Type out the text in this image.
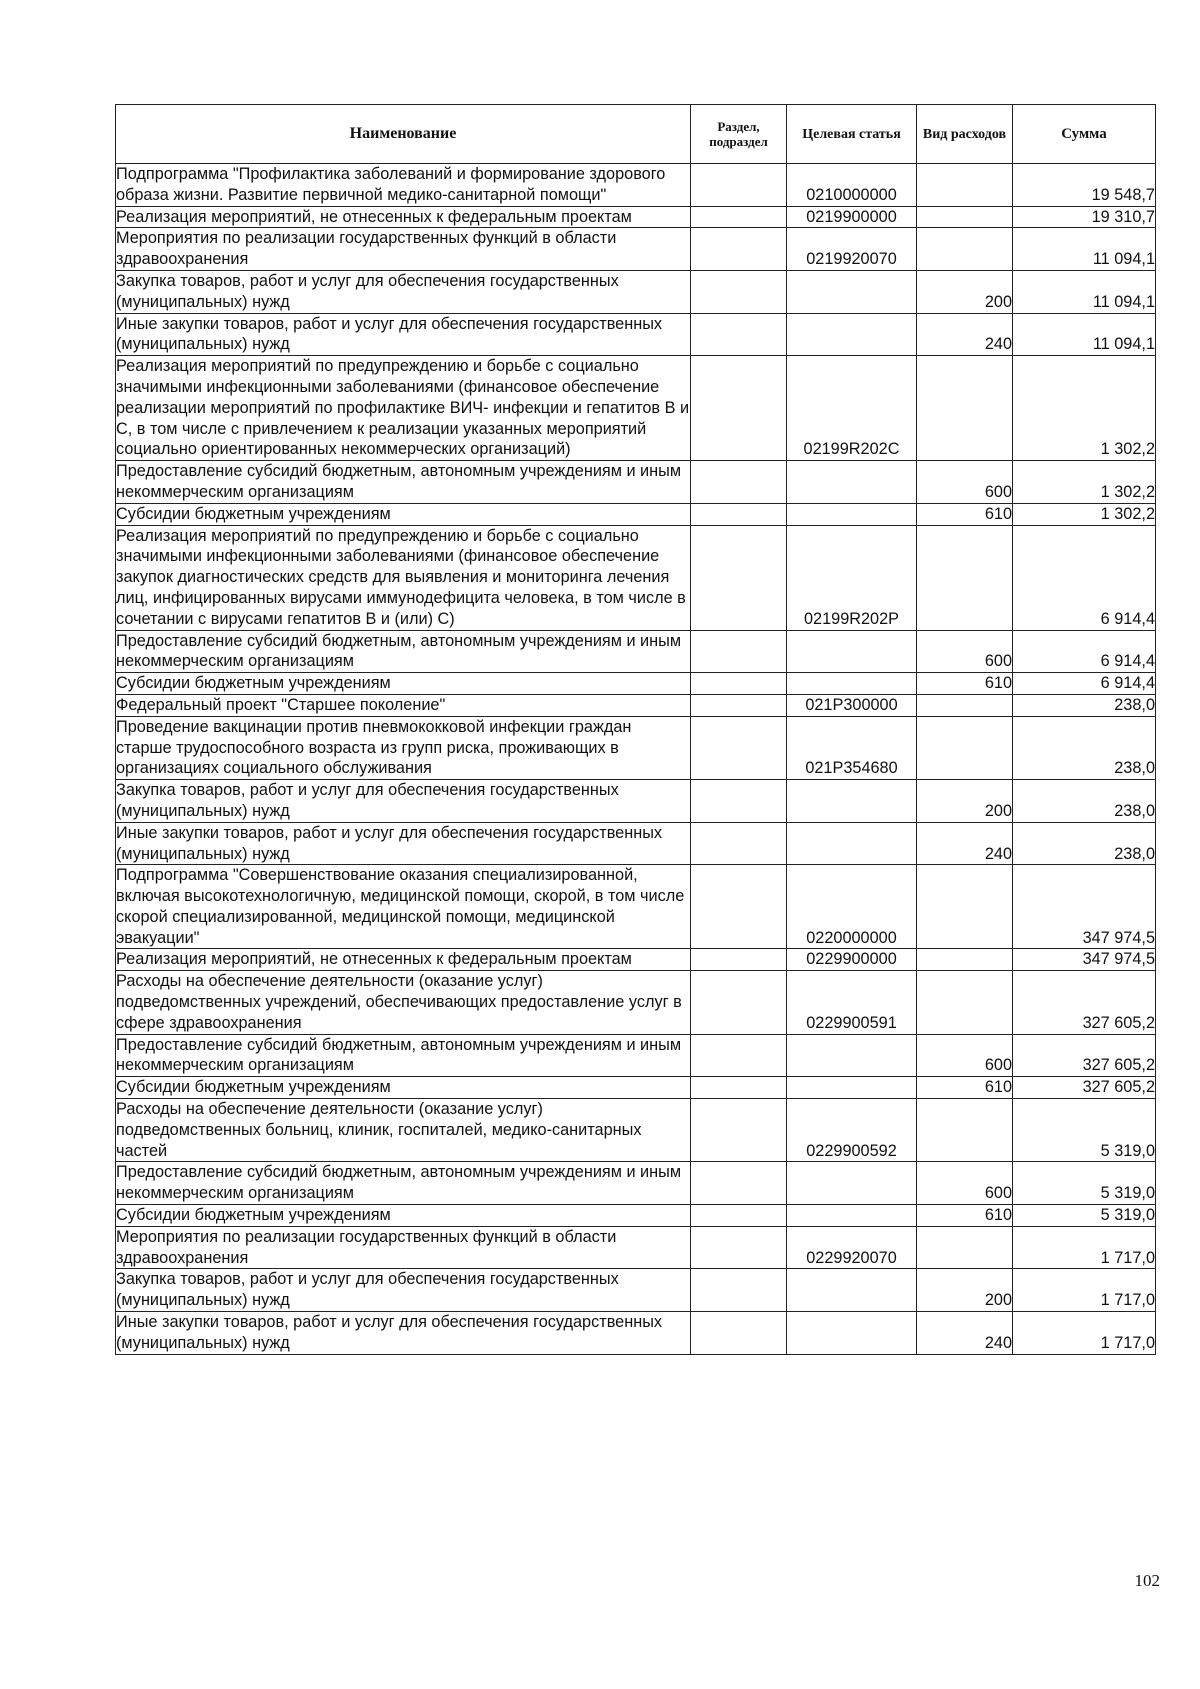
Наименование	Раздел, подраздел	Целевая статья	Вид расходов	Сумма
Подпрограмма "Профилактика заболеваний и формирование здорового образа жизни. Развитие первичной медико-санитарной помощи"		0210000000		19 548,7
Реализация мероприятий, не отнесенных к федеральным проектам		0219900000		19 310,7
Мероприятия по реализации государственных функций в области здравоохранения		0219920070		11 094,1
Закупка товаров, работ и услуг для обеспечения государственных (муниципальных) нужд			200	11 094,1
Иные закупки товаров, работ и услуг для обеспечения государственных (муниципальных) нужд			240	11 094,1
Реализация мероприятий по предупреждению и борьбе с социально значимыми инфекционными заболеваниями (финансовое обеспечение реализации мероприятий по профилактике ВИЧ- инфекции и гепатитов B и C, в том числе с привлечением к реализации указанных мероприятий социально ориентированных некоммерческих организаций)		02199R202C		1 302,2
Предоставление субсидий бюджетным, автономным учреждениям и иным некоммерческим организациям			600	1 302,2
Субсидии бюджетным учреждениям			610	1 302,2
Реализация мероприятий по предупреждению и борьбе с социально значимыми инфекционными заболеваниями (финансовое обеспечение закупок диагностических средств для выявления и мониторинга лечения лиц, инфицированных вирусами иммунодефицита человека, в том числе в сочетании с вирусами гепатитов B и (или) C)		02199R202P		6 914,4
Предоставление субсидий бюджетным, автономным учреждениям и иным некоммерческим организациям			600	6 914,4
Субсидии бюджетным учреждениям			610	6 914,4
Федеральный проект "Старшее поколение"		021P300000		238,0
Проведение вакцинации против пневмококковой инфекции граждан старше трудоспособного возраста из групп риска, проживающих в организациях социального обслуживания		021P354680		238,0
Закупка товаров, работ и услуг для обеспечения государственных (муниципальных) нужд			200	238,0
Иные закупки товаров, работ и услуг для обеспечения государственных (муниципальных) нужд			240	238,0
Подпрограмма "Совершенствование оказания специализированной, включая высокотехнологичную, медицинской помощи, скорой, в том числе скорой специализированной, медицинской помощи, медицинской эвакуации"		0220000000		347 974,5
Реализация мероприятий, не отнесенных к федеральным проектам		0229900000		347 974,5
Расходы на обеспечение деятельности (оказание услуг) подведомственных учреждений, обеспечивающих предоставление услуг в сфере здравоохранения		0229900591		327 605,2
Предоставление субсидий бюджетным, автономным учреждениям и иным некоммерческим организациям			600	327 605,2
Субсидии бюджетным учреждениям			610	327 605,2
Расходы на обеспечение деятельности (оказание услуг) подведомственных больниц, клиник, госпиталей, медико-санитарных частей		0229900592		5 319,0
Предоставление субсидий бюджетным, автономным учреждениям и иным некоммерческим организациям			600	5 319,0
Субсидии бюджетным учреждениям			610	5 319,0
Мероприятия по реализации государственных функций в области здравоохранения		0229920070		1 717,0
Закупка товаров, работ и услуг для обеспечения государственных (муниципальных) нужд			200	1 717,0
Иные закупки товаров, работ и услуг для обеспечения государственных (муниципальных) нужд			240	1 717,0
102
